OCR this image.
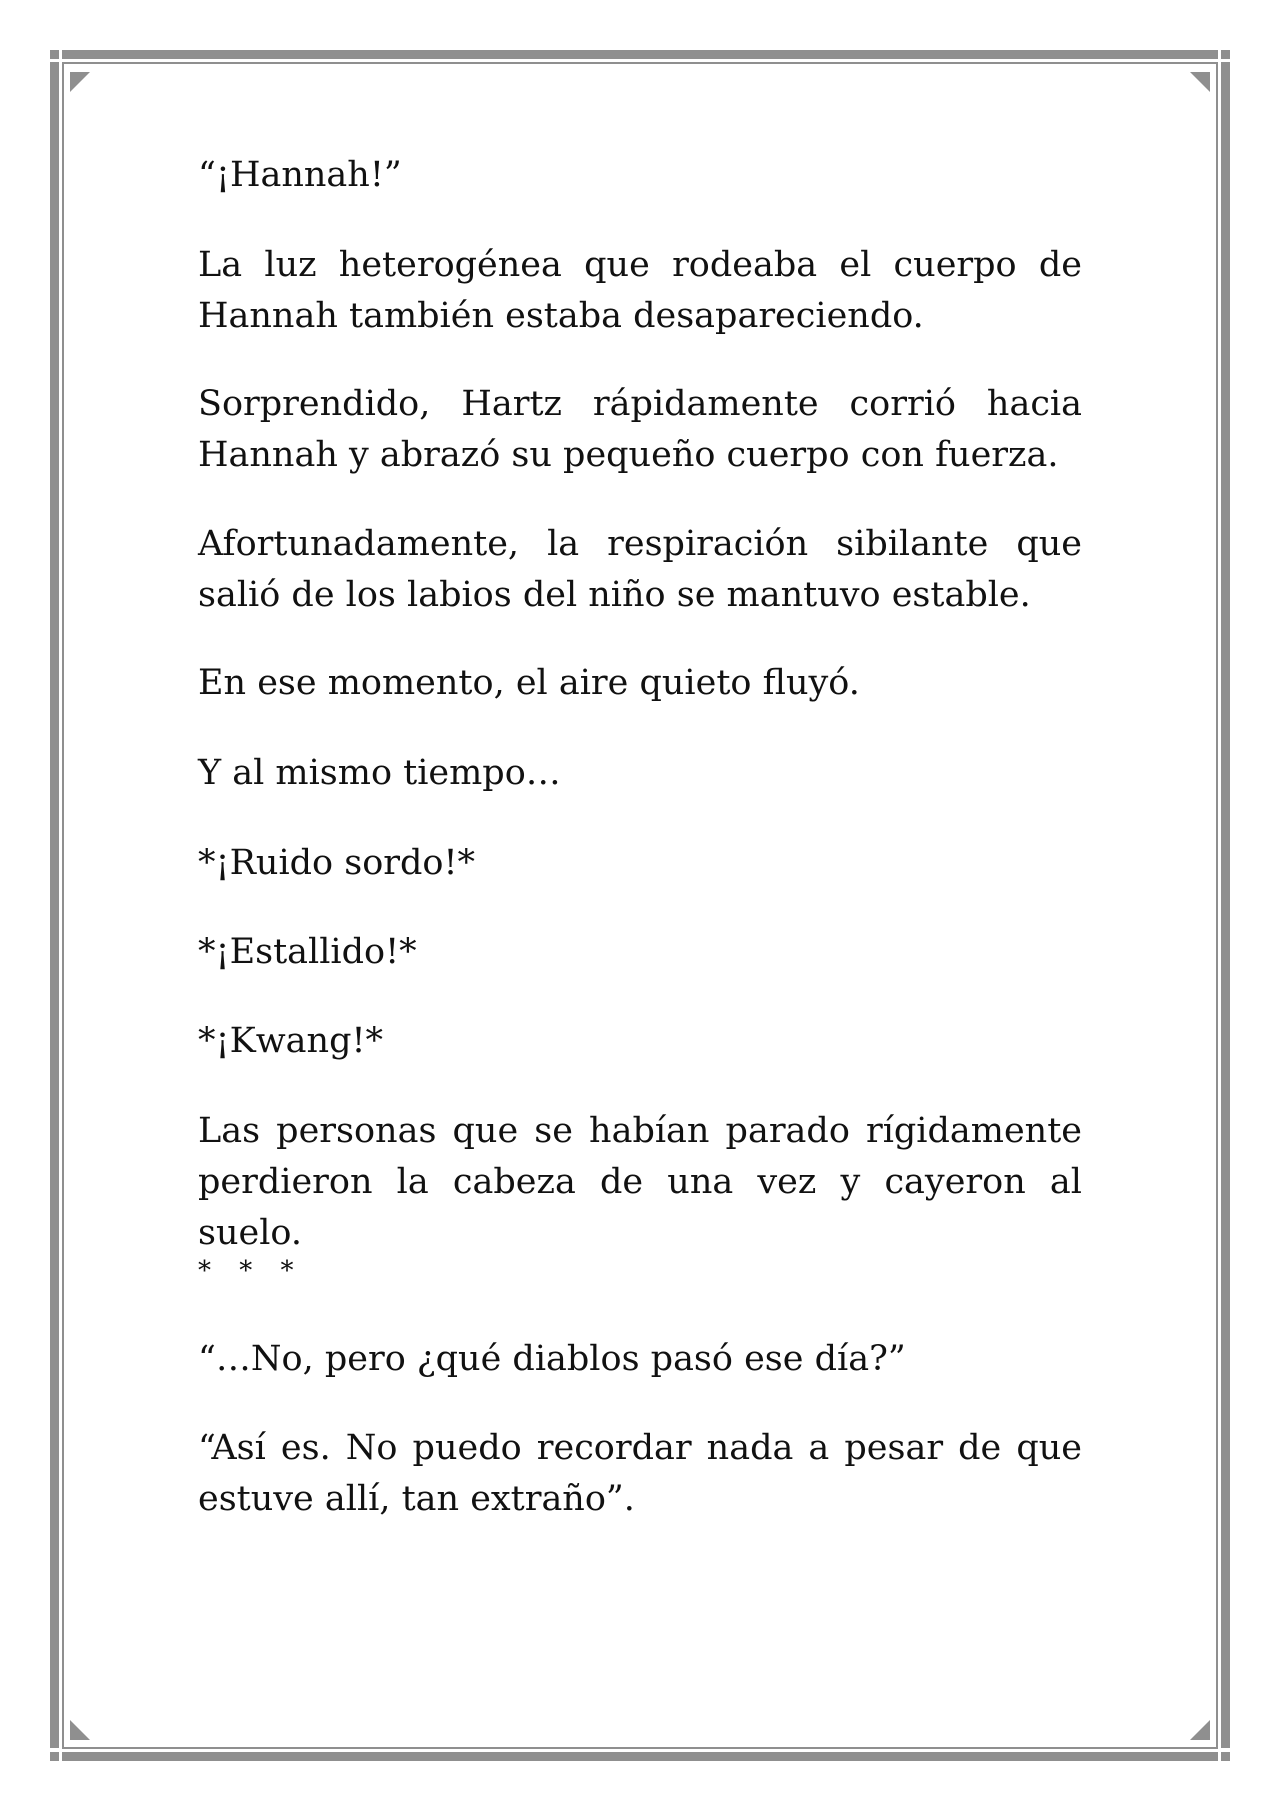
“¡Hannah!”

La luz heterogénea que rodeaba el cuerpo de Hannah también estaba desapareciendo.

Sorprendido, Hartz rápidamente corrió hacia Hannah y abrazó su pequeño cuerpo con fuerza.

Afortunadamente, la respiración sibilante que salió de los labios del niño se mantuvo estable.

En ese momento, el aire quieto fluyó.

Y al mismo tiempo…

*¡Ruido sordo!*

*¡Estallido!*

*¡Kwang!*

Las personas que se habían parado rígidamente perdieron la cabeza de una vez y cayeron al suelo.

* * *

“…No, pero ¿qué diablos pasó ese día?”

“Así es. No puedo recordar nada a pesar de que estuve allí, tan extraño”.
